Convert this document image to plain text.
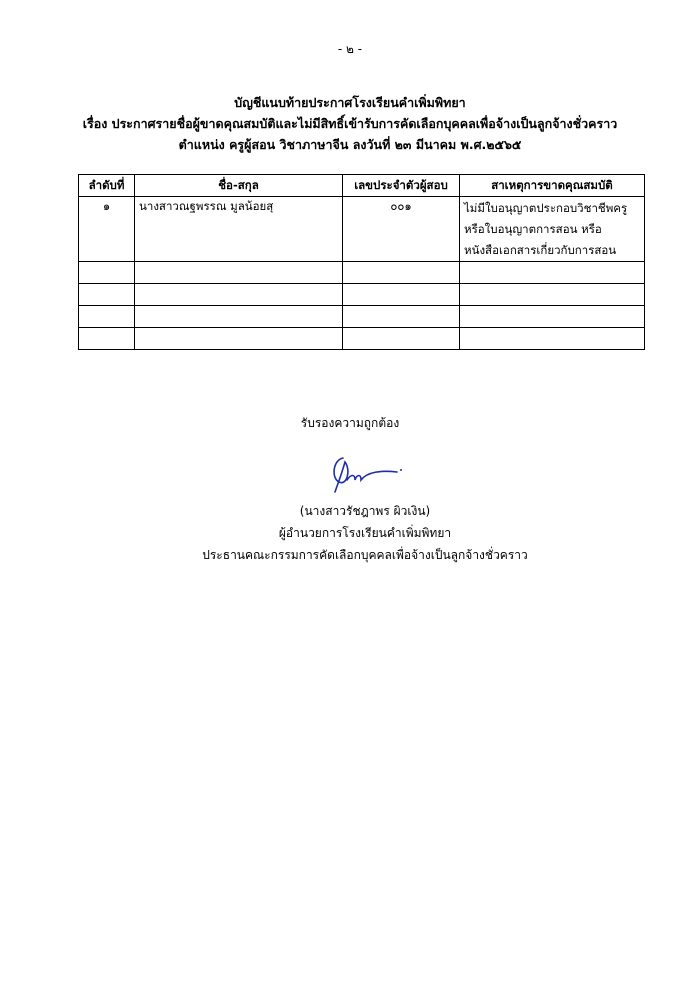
- ๒ -
บัญชีแนบท้ายประกาศโรงเรียนคำเพิ่มพิทยา
เรื่อง ประกาศรายชื่อผู้ขาดคุณสมบัติและไม่มีสิทธิ์เข้ารับการคัดเลือกบุคคลเพื่อจ้างเป็นลูกจ้างชั่วคราว
ตำแหน่ง ครูผู้สอน วิชาภาษาจีน ลงวันที่ ๒๓ มีนาคม พ.ศ.๒๕๖๕
ลำดับที่	ชื่อ-สกุล	เลขประจำตัวผู้สอบ	สาเหตุการขาดคุณสมบัติ
๑	นางสาวณฐพรรณ มูลน้อยสุ	๐๐๑	ไม่มีใบอนุญาตประกอบวิชาชีพครู
หรือใบอนุญาตการสอน หรือ
หนังสือเอกสารเกี่ยวกับการสอน

รับรองความถูกต้อง
(นางสาวรัชฎาพร ผิวเงิน)
ผู้อำนวยการโรงเรียนคำเพิ่มพิทยา
ประธานคณะกรรมการคัดเลือกบุคคลเพื่อจ้างเป็นลูกจ้างชั่วคราว
